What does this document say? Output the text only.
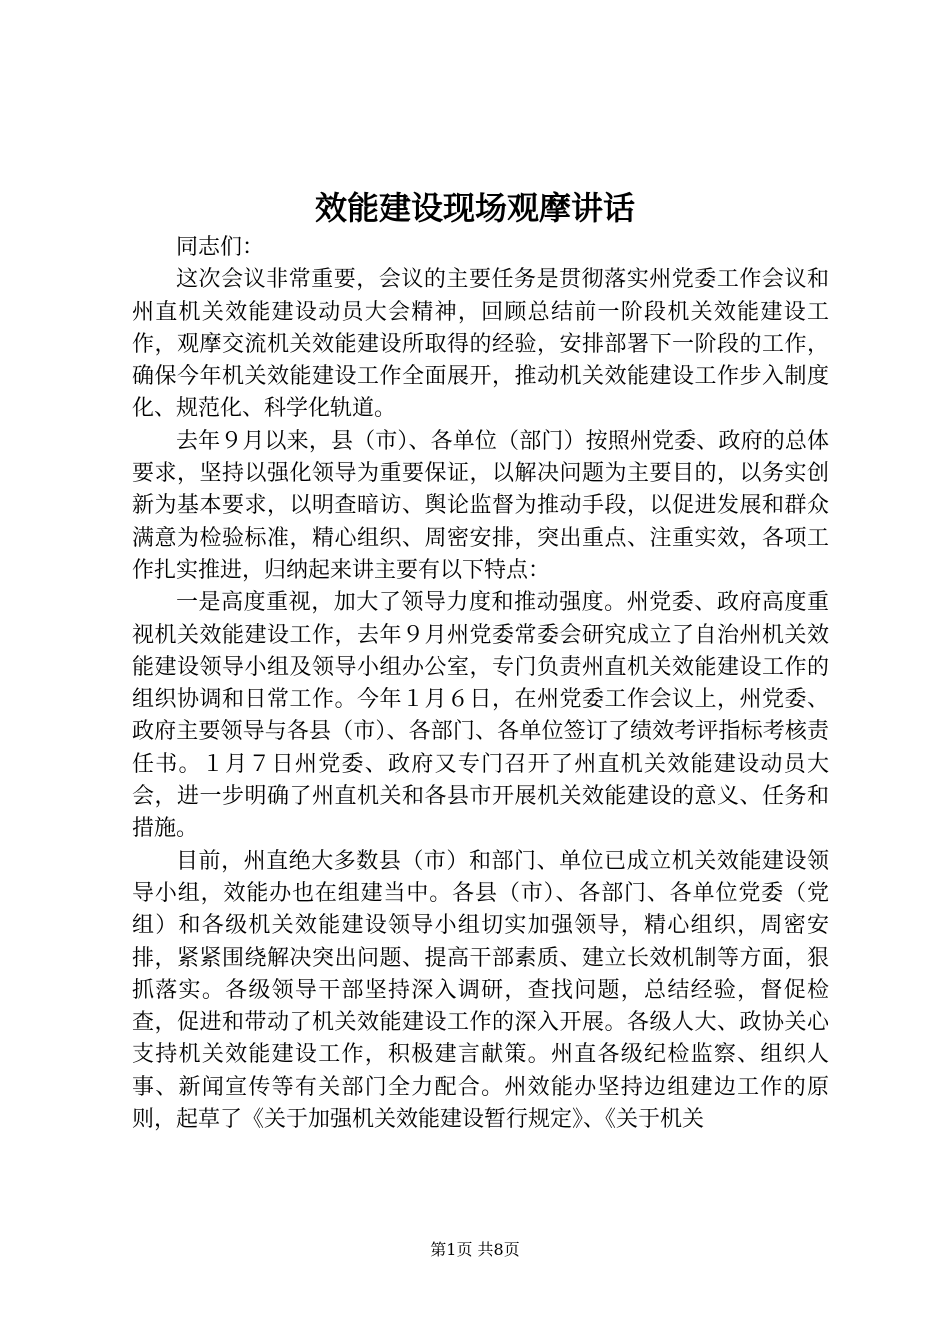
效能建设现场观摩讲话

同志们：

这次会议非常重要，会议的主要任务是贯彻落实州党委工作会议和州直机关效能建设动员大会精神，回顾总结前一阶段机关效能建设工作，观摩交流机关效能建设所取得的经验，安排部署下一阶段的工作，确保今年机关效能建设工作全面展开，推动机关效能建设工作步入制度化、规范化、科学化轨道。

去年９月以来，县（市）、各单位（部门）按照州党委、政府的总体要求，坚持以强化领导为重要保证，以解决问题为主要目的，以务实创新为基本要求，以明查暗访、舆论监督为推动手段，以促进发展和群众满意为检验标准，精心组织、周密安排，突出重点、注重实效，各项工作扎实推进，归纳起来讲主要有以下特点：

一是高度重视，加大了领导力度和推动强度。州党委、政府高度重视机关效能建设工作，去年９月州党委常委会研究成立了自治州机关效能建设领导小组及领导小组办公室，专门负责州直机关效能建设工作的组织协调和日常工作。今年１月６日，在州党委工作会议上，州党委、政府主要领导与各县（市）、各部门、各单位签订了绩效考评指标考核责任书。１月７日州党委、政府又专门召开了州直机关效能建设动员大会，进一步明确了州直机关和各县市开展机关效能建设的意义、任务和措施。

目前，州直绝大多数县（市）和部门、单位已成立机关效能建设领导小组，效能办也在组建当中。各县（市）、各部门、各单位党委（党组）和各级机关效能建设领导小组切实加强领导，精心组织，周密安排，紧紧围绕解决突出问题、提高干部素质、建立长效机制等方面，狠抓落实。各级领导干部坚持深入调研，查找问题，总结经验，督促检查，促进和带动了机关效能建设工作的深入开展。各级人大、政协关心支持机关效能建设工作，积极建言献策。州直各级纪检监察、组织人事、新闻宣传等有关部门全力配合。州效能办坚持边组建边工作的原则，起草了《关于加强机关效能建设暂行规定》、《关于机关

第1页 共8页
